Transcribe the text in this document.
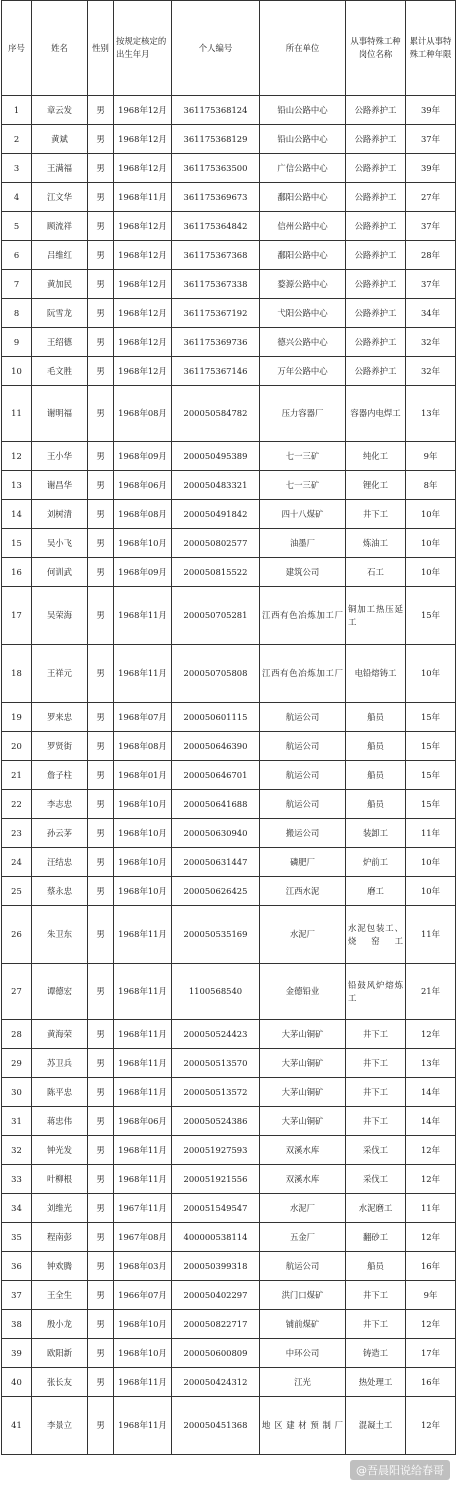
序号	姓名	性别	按规定核定的出生年月	个人编号	所在单位	从事特殊工种岗位名称	累计从事特殊工种年限
1	章云发	男	1968年12月	361175368124	铅山公路中心	公路养护工	39年
2	黄斌	男	1968年12月	361175368129	铅山公路中心	公路养护工	37年
3	王满福	男	1968年12月	361175363500	广信公路中心	公路养护工	39年
4	江文华	男	1968年11月	361175369673	鄱阳公路中心	公路养护工	27年
5	顾流祥	男	1968年12月	361175364842	信州公路中心	公路养护工	37年
6	吕维红	男	1968年12月	361175367368	鄱阳公路中心	公路养护工	28年
7	黄加民	男	1968年12月	361175367338	婺源公路中心	公路养护工	37年
8	阮雪龙	男	1968年12月	361175367192	弋阳公路中心	公路养护工	34年
9	王绍德	男	1968年12月	361175369736	德兴公路中心	公路养护工	32年
10	毛文胜	男	1968年12月	361175367146	万年公路中心	公路养护工	32年
11	谢明福	男	1968年08月	200050584782	压力容器厂	容器内电焊工	13年
12	王小华	男	1968年09月	200050495389	七一三矿	纯化工	9年
13	谢昌华	男	1968年06月	200050483321	七一三矿	锂化工	8年
14	刘树清	男	1968年08月	200050491842	四十八煤矿	井下工	10年
15	吴小飞	男	1968年10月	200050802577	油墨厂	炼油工	10年
16	何训武	男	1968年09月	200050815522	建筑公司	石工	10年
17	吴荣海	男	1968年11月	200050705281	江西有色冶炼加工厂	铜加工热压延工	15年
18	王祥元	男	1968年11月	200050705808	江西有色冶炼加工厂	电铅熔铸工	10年
19	罗来忠	男	1968年07月	200050601115	航运公司	船员	15年
20	罗贤街	男	1968年08月	200050646390	航运公司	船员	15年
21	詹子柱	男	1968年01月	200050646701	航运公司	船员	15年
22	李志忠	男	1968年10月	200050641688	航运公司	船员	15年
23	孙云茅	男	1968年10月	200050630940	搬运公司	装卸工	11年
24	汪结忠	男	1968年10月	200050631447	磷肥厂	炉前工	10年
25	蔡永忠	男	1968年10月	200050626425	江西水泥	磨工	10年
26	朱卫东	男	1968年11月	200050535169	水泥厂	水泥包装工、烧窑工	11年
27	谭德宏	男	1968年11月	1100568540	金德铅业	铅鼓风炉熔炼工	21年
28	黄海荣	男	1968年11月	200050524423	大茅山铜矿	井下工	12年
29	苏卫兵	男	1968年11月	200050513570	大茅山铜矿	井下工	13年
30	陈平忠	男	1968年11月	200050513572	大茅山铜矿	井下工	14年
31	蒋忠伟	男	1968年06月	200050524386	大茅山铜矿	井下工	14年
32	钟光发	男	1968年11月	200051927593	双溪水库	采伐工	12年
33	叶柳根	男	1968年11月	200051921556	双溪水库	采伐工	12年
34	刘维光	男	1967年11月	200051549547	水泥厂	水泥磨工	11年
35	程南彭	男	1967年08月	400000538114	五金厂	翻砂工	12年
36	钟欢腾	男	1968年03月	200050399318	航运公司	船员	16年
37	王全生	男	1966年07月	200050402297	洪门口煤矿	井下工	9年
38	殷小龙	男	1968年10月	200050822717	铺前煤矿	井下工	12年
39	欧阳新	男	1968年10月	200050600809	中环公司	铸造工	17年
40	张长友	男	1968年11月	200050424312	江光	热处理工	16年
41	李景立	男	1968年11月	200050451368	地区建材预制厂	混凝土工	12年
@吾晨阳说给春哥
